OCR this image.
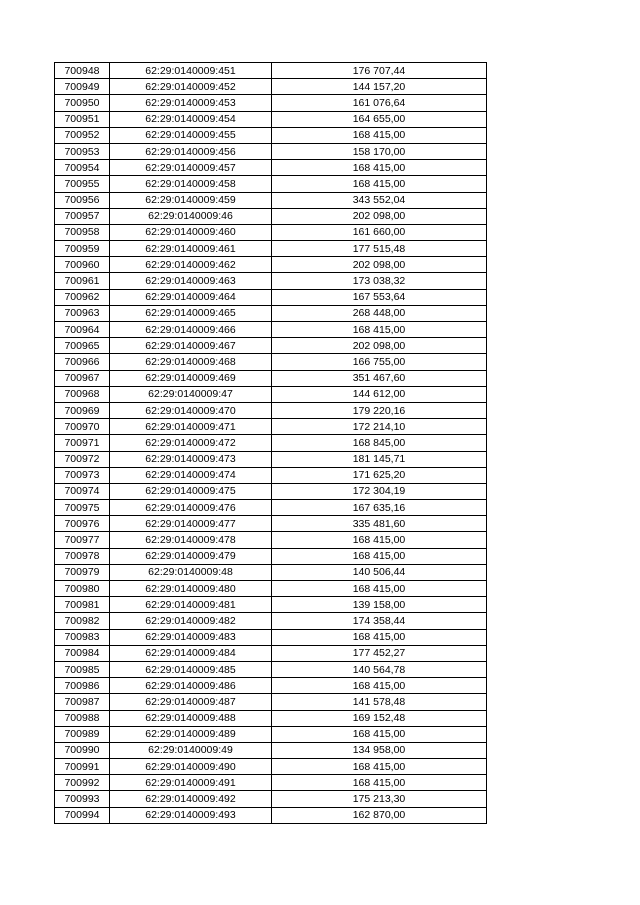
700948	62:29:0140009:451	176 707,44
700949	62:29:0140009:452	144 157,20
700950	62:29:0140009:453	161 076,64
700951	62:29:0140009:454	164 655,00
700952	62:29:0140009:455	168 415,00
700953	62:29:0140009:456	158 170,00
700954	62:29:0140009:457	168 415,00
700955	62:29:0140009:458	168 415,00
700956	62:29:0140009:459	343 552,04
700957	62:29:0140009:46	202 098,00
700958	62:29:0140009:460	161 660,00
700959	62:29:0140009:461	177 515,48
700960	62:29:0140009:462	202 098,00
700961	62:29:0140009:463	173 038,32
700962	62:29:0140009:464	167 553,64
700963	62:29:0140009:465	268 448,00
700964	62:29:0140009:466	168 415,00
700965	62:29:0140009:467	202 098,00
700966	62:29:0140009:468	166 755,00
700967	62:29:0140009:469	351 467,60
700968	62:29:0140009:47	144 612,00
700969	62:29:0140009:470	179 220,16
700970	62:29:0140009:471	172 214,10
700971	62:29:0140009:472	168 845,00
700972	62:29:0140009:473	181 145,71
700973	62:29:0140009:474	171 625,20
700974	62:29:0140009:475	172 304,19
700975	62:29:0140009:476	167 635,16
700976	62:29:0140009:477	335 481,60
700977	62:29:0140009:478	168 415,00
700978	62:29:0140009:479	168 415,00
700979	62:29:0140009:48	140 506,44
700980	62:29:0140009:480	168 415,00
700981	62:29:0140009:481	139 158,00
700982	62:29:0140009:482	174 358,44
700983	62:29:0140009:483	168 415,00
700984	62:29:0140009:484	177 452,27
700985	62:29:0140009:485	140 564,78
700986	62:29:0140009:486	168 415,00
700987	62:29:0140009:487	141 578,48
700988	62:29:0140009:488	169 152,48
700989	62:29:0140009:489	168 415,00
700990	62:29:0140009:49	134 958,00
700991	62:29:0140009:490	168 415,00
700992	62:29:0140009:491	168 415,00
700993	62:29:0140009:492	175 213,30
700994	62:29:0140009:493	162 870,00
